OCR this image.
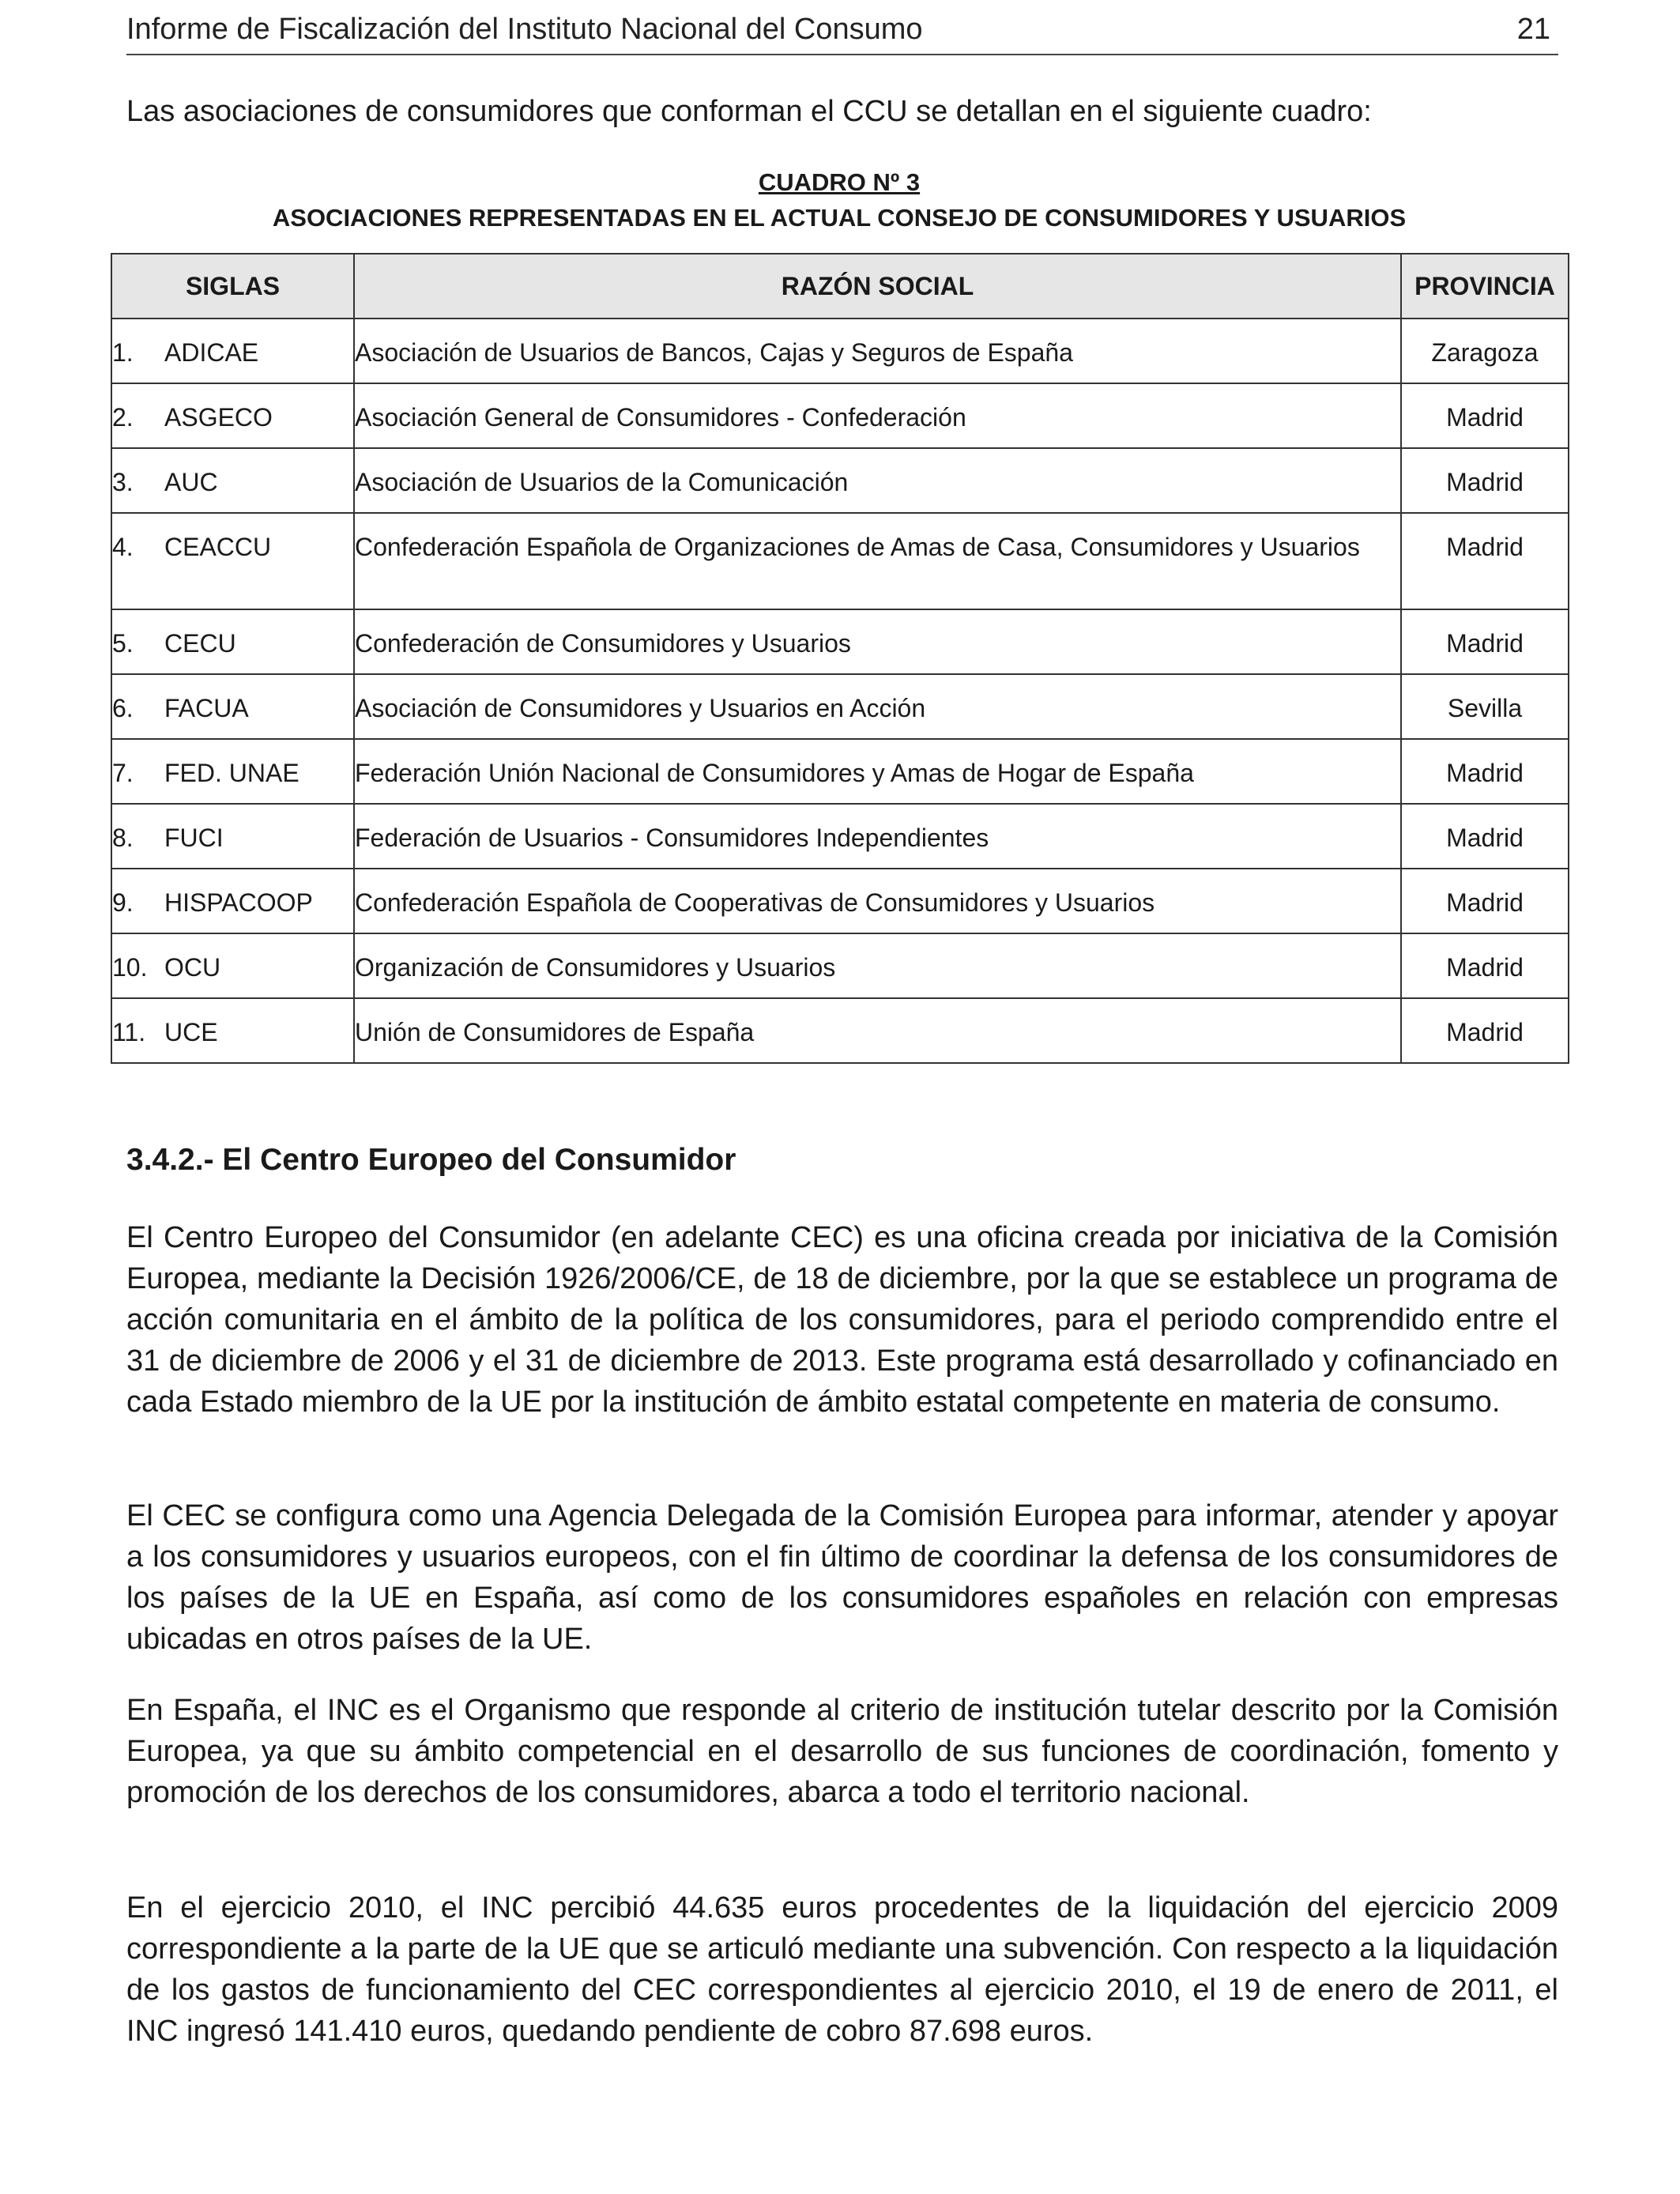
Informe de Fiscalización del Instituto Nacional del Consumo	21

Las asociaciones de consumidores que conforman el CCU se detallan en el siguiente cuadro:

CUADRO Nº 3
ASOCIACIONES REPRESENTADAS EN EL ACTUAL CONSEJO DE CONSUMIDORES Y USUARIOS
SIGLAS	RAZÓN SOCIAL	PROVINCIA
1. ADICAE	Asociación de Usuarios de Bancos, Cajas y Seguros de España	Zaragoza
2. ASGECO	Asociación General de Consumidores - Confederación	Madrid
3. AUC	Asociación de Usuarios de la Comunicación	Madrid
4. CEACCU	Confederación Española de Organizaciones de Amas de Casa, Consumidores y Usuarios	Madrid
5. CECU	Confederación de Consumidores y Usuarios	Madrid
6. FACUA	Asociación de Consumidores y Usuarios en Acción	Sevilla
7. FED. UNAE	Federación Unión Nacional de Consumidores y Amas de Hogar de España	Madrid
8. FUCI	Federación de Usuarios - Consumidores Independientes	Madrid
9. HISPACOOP	Confederación Española de Cooperativas de Consumidores y Usuarios	Madrid
10. OCU	Organización de Consumidores y Usuarios	Madrid
11. UCE	Unión de Consumidores de España	Madrid
3.4.2.- El Centro Europeo del Consumidor

El Centro Europeo del Consumidor (en adelante CEC) es una oficina creada por iniciativa de la Comisión Europea, mediante la Decisión 1926/2006/CE, de 18 de diciembre, por la que se establece un programa de acción comunitaria en el ámbito de la política de los consumidores, para el periodo comprendido entre el 31 de diciembre de 2006 y el 31 de diciembre de 2013. Este programa está desarrollado y cofinanciado en cada Estado miembro de la UE por la institución de ámbito estatal competente en materia de consumo.

El CEC se configura como una Agencia Delegada de la Comisión Europea para informar, atender y apoyar a los consumidores y usuarios europeos, con el fin último de coordinar la defensa de los consumidores de los países de la UE en España, así como de los consumidores españoles en relación con empresas ubicadas en otros países de la UE.

En España, el INC es el Organismo que responde al criterio de institución tutelar descrito por la Comisión Europea, ya que su ámbito competencial en el desarrollo de sus funciones de coordinación, fomento y promoción de los derechos de los consumidores, abarca a todo el territorio nacional.

En el ejercicio 2010, el INC percibió 44.635 euros procedentes de la liquidación del ejercicio 2009 correspondiente a la parte de la UE que se articuló mediante una subvención. Con respecto a la liquidación de los gastos de funcionamiento del CEC correspondientes al ejercicio 2010, el 19 de enero de 2011, el INC ingresó 141.410 euros, quedando pendiente de cobro 87.698 euros.
